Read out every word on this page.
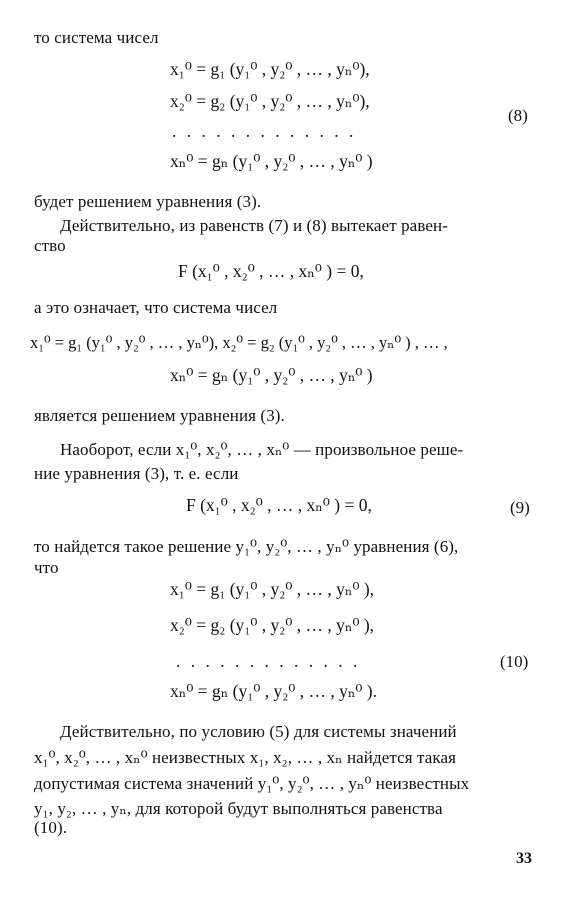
то система чисел
x₁⁰ = g₁ (y₁⁰ , y₂⁰ , … , yₙ⁰),
x₂⁰ = g₂ (y₁⁰ , y₂⁰ , … , yₙ⁰),
. . . . . . . . . . . . .
(8)
xₙ⁰ = gₙ (y₁⁰ , y₂⁰ , … , yₙ⁰ )
будет решением уравнения (3).
Действительно, из равенств (7) и (8) вытекает равен-
ство
F (x₁⁰ , x₂⁰ , … , xₙ⁰ ) = 0,
а это означает, что система чисел
x₁⁰ = g₁ (y₁⁰ , y₂⁰ , … , yₙ⁰), x₂⁰ = g₂ (y₁⁰ , y₂⁰ , … , yₙ⁰ ) , … ,
xₙ⁰ = gₙ (y₁⁰ , y₂⁰ , … , yₙ⁰ )
является решением уравнения (3).
Наоборот, если x₁⁰, x₂⁰, … , xₙ⁰ — произвольное реше-
ние уравнения (3), т. е. если
F (x₁⁰ , x₂⁰ , … , xₙ⁰ ) = 0,	(9)
то найдется такое решение y₁⁰, y₂⁰, … , yₙ⁰ уравнения (6),
что
x₁⁰ = g₁ (y₁⁰ , y₂⁰ , … , yₙ⁰ ),
x₂⁰ = g₂ (y₁⁰ , y₂⁰ , … , yₙ⁰ ),
. . . . . . . . . . . . .	(10)
xₙ⁰ = gₙ (y₁⁰ , y₂⁰ , … , yₙ⁰ ).
Действительно, по условию (5) для системы значений
x₁⁰, x₂⁰, … , xₙ⁰ неизвестных x₁, x₂, … , xₙ найдется такая
допустимая система значений y₁⁰, y₂⁰, … , yₙ⁰ неизвестных
y₁, y₂, … , yₙ, для которой будут выполняться равенства
(10).
33
